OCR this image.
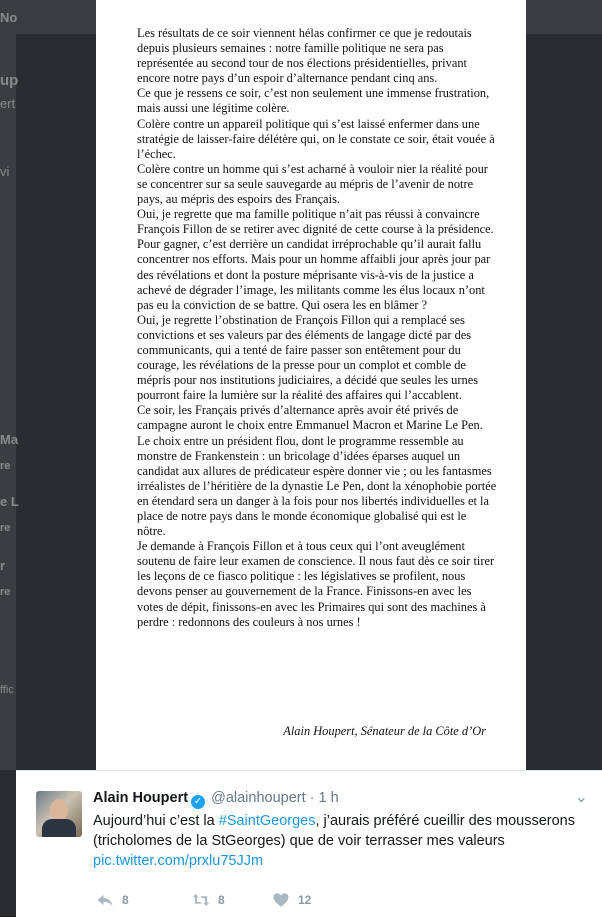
No
up
ert
vi
Ma
re
e L
re
r
re
ffic

Les résultats de ce soir viennent hélas confirmer ce que je redoutais depuis plusieurs semaines : notre famille politique ne sera pas représentée au second tour de nos élections présidentielles, privant encore notre pays d’un espoir d’alternance pendant cinq ans.

Ce que je ressens ce soir, c’est non seulement une immense frustration, mais aussi une légitime colère.

Colère contre un appareil politique qui s’est laissé enfermer dans une stratégie de laisser-faire délétère qui, on le constate ce soir, était vouée à l’échec.

Colère contre un homme qui s’est acharné à vouloir nier la réalité pour se concentrer sur sa seule sauvegarde au mépris de l’avenir de notre pays, au mépris des espoirs des Français.

Oui, je regrette que ma famille politique n’ait pas réussi à convaincre François Fillon de se retirer avec dignité de cette course à la présidence. Pour gagner, c’est derrière un candidat irréprochable qu’il aurait fallu concentrer nos efforts. Mais pour un homme affaibli jour après jour par des révélations et dont la posture méprisante vis-à-vis de la justice a achevé de dégrader l’image, les militants comme les élus locaux n’ont pas eu la conviction de se battre. Qui osera les en blâmer ?

Oui, je regrette l’obstination de François Fillon qui a remplacé ses convictions et ses valeurs par des éléments de langage dicté par des communicants, qui a tenté de faire passer son entêtement pour du courage, les révélations de la presse pour un complot et comble de mépris pour nos institutions judiciaires, a décidé que seules les urnes pourront faire la lumière sur la réalité des affaires qui l’accablent.

Ce soir, les Français privés d’alternance après avoir été privés de campagne auront le choix entre Emmanuel Macron et Marine Le Pen. Le choix entre un président flou, dont le programme ressemble au monstre de Frankenstein : un bricolage d’idées éparses auquel un candidat aux allures de prédicateur espère donner vie ; ou les fantasmes irréalistes de l’héritière de la dynastie Le Pen, dont la xénophobie portée en étendard sera un danger à la fois pour nos libertés individuelles et la place de notre pays dans le monde économique globalisé qui est le nôtre.

Je demande à François Fillon et à tous ceux qui l’ont aveuglément soutenu de faire leur examen de conscience. Il nous faut dès ce soir tirer les leçons de ce fiasco politique : les législatives se profilent, nous devons penser au gouvernement de la France. Finissons-en avec les votes de dépit, finissons-en avec les Primaires qui sont des machines à perdre : redonnons des couleurs à nos urnes !

Alain Houpert, Sénateur de la Côte d’Or
Alain Houpert ✓ @alainhoupert · 1 h	⌄
Aujourd’hui c’est la #SaintGeorges, j’aurais préféré cueillir des mousserons (tricholomes de la StGeorges) que de voir terrasser mes valeurs
pic.twitter.com/prxlu75JJm
8	8	12
